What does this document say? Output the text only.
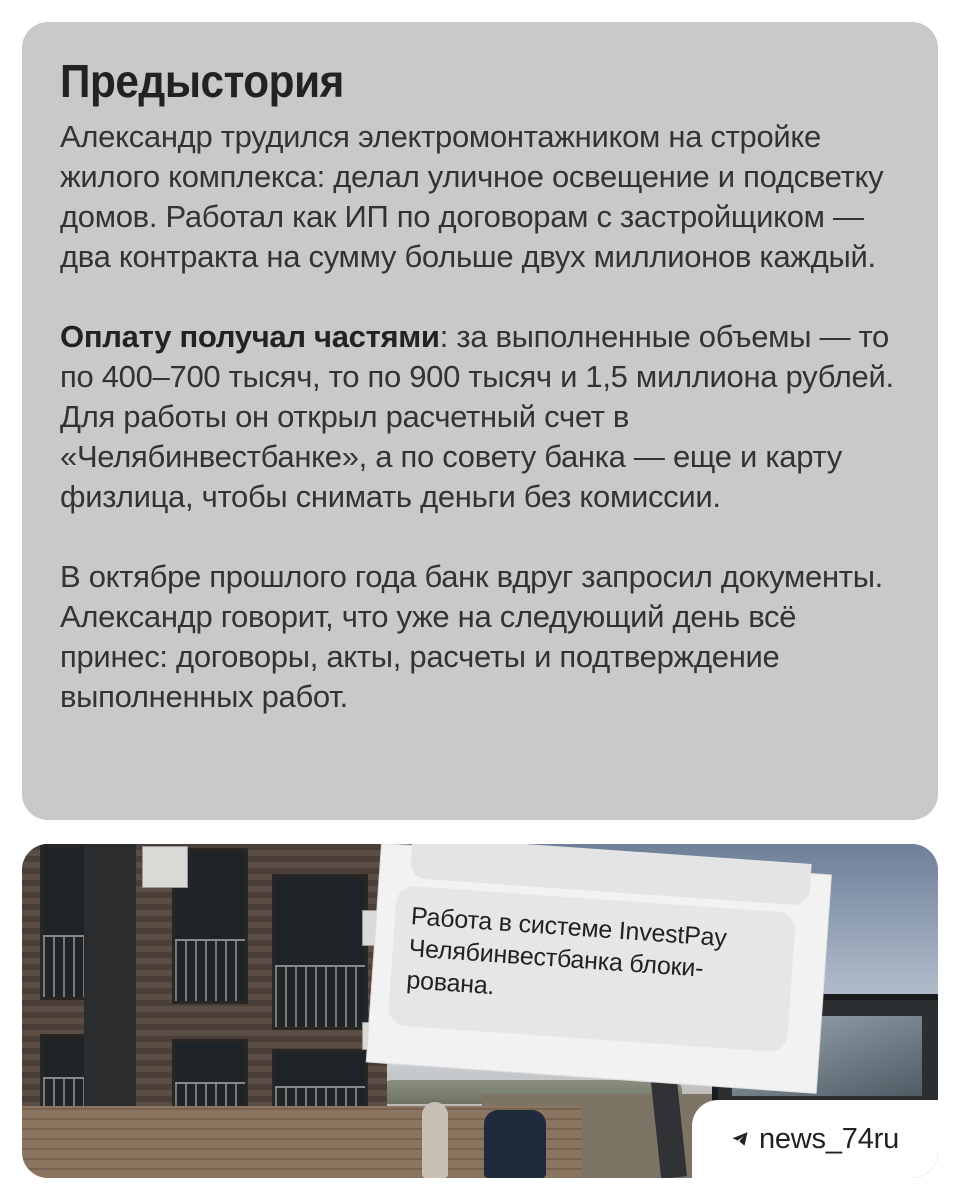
Предыстория

Александр трудился электромонтажником на стройке жилого комплекса: делал уличное освещение и подсветку домов. Работал как ИП по договорам с застройщиком — два контракта на сумму больше двух миллионов каждый.

Оплату получал частями: за выполненные объемы — то по 400–700 тысяч, то по 900 тысяч и 1,5 миллиона рублей. Для работы он открыл расчетный счет в «Челябинвестбанке», а по совету банка — еще и карту физлица, чтобы снимать деньги без комиссии.

В октябре прошлого года банк вдруг запросил документы. Александр говорит, что уже на следующий день всё принес: договоры, акты, расчеты и подтверждение выполненных работ.

Работа в системе InvestPay Челябинвестбанка блоки-рована.
news_74ru
